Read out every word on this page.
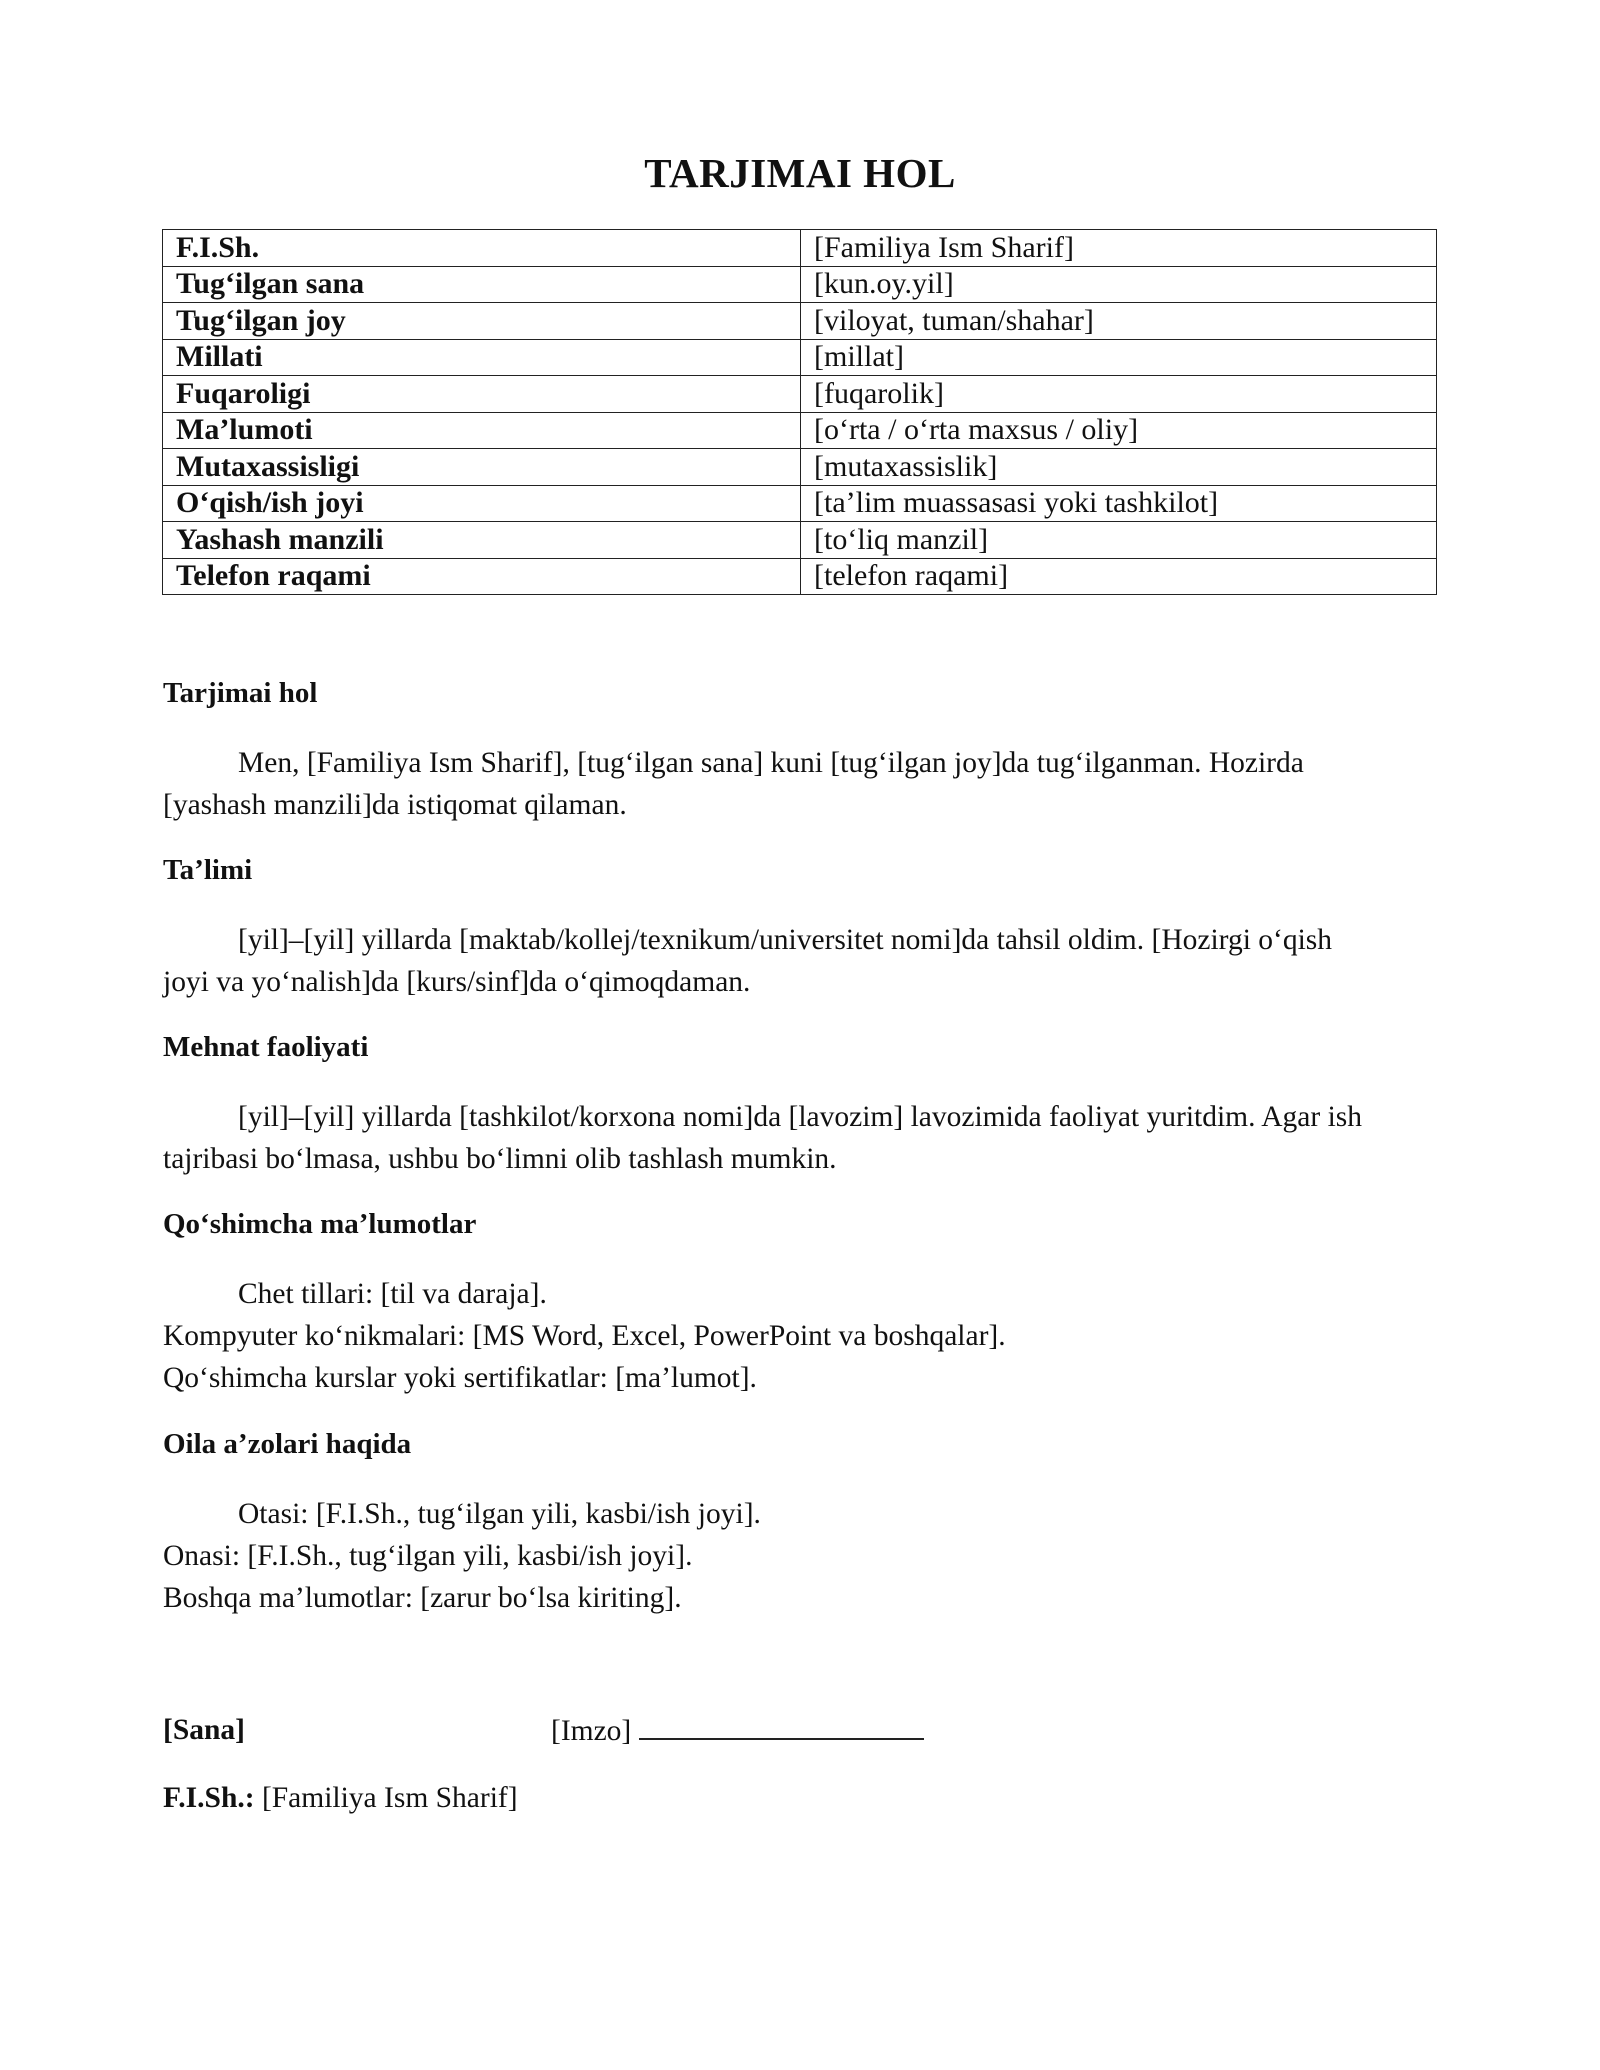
TARJIMAI HOL
F.I.Sh.	[Familiya Ism Sharif]
Tug‘ilgan sana	[kun.oy.yil]
Tug‘ilgan joy	[viloyat, tuman/shahar]
Millati	[millat]
Fuqaroligi	[fuqarolik]
Ma’lumoti	[o‘rta / o‘rta maxsus / oliy]
Mutaxassisligi	[mutaxassislik]
O‘qish/ish joyi	[ta’lim muassasasi yoki tashkilot]
Yashash manzili	[to‘liq manzil]
Telefon raqami	[telefon raqami]
Tarjimai hol
Men, [Familiya Ism Sharif], [tug‘ilgan sana] kuni [tug‘ilgan joy]da tug‘ilganman. Hozirda
[yashash manzili]da istiqomat qilaman.
Ta’limi
[yil]–[yil] yillarda [maktab/kollej/texnikum/universitet nomi]da tahsil oldim. [Hozirgi o‘qish
joyi va yo‘nalish]da [kurs/sinf]da o‘qimoqdaman.
Mehnat faoliyati
[yil]–[yil] yillarda [tashkilot/korxona nomi]da [lavozim] lavozimida faoliyat yuritdim. Agar ish
tajribasi bo‘lmasa, ushbu bo‘limni olib tashlash mumkin.
Qo‘shimcha ma’lumotlar
Chet tillari: [til va daraja].
Kompyuter ko‘nikmalari: [MS Word, Excel, PowerPoint va boshqalar].
Qo‘shimcha kurslar yoki sertifikatlar: [ma’lumot].
Oila a’zolari haqida
Otasi: [F.I.Sh., tug‘ilgan yili, kasbi/ish joyi].
Onasi: [F.I.Sh., tug‘ilgan yili, kasbi/ish joyi].
Boshqa ma’lumotlar: [zarur bo‘lsa kiriting].
[Sana]	[Imzo]
F.I.Sh.: [Familiya Ism Sharif]
